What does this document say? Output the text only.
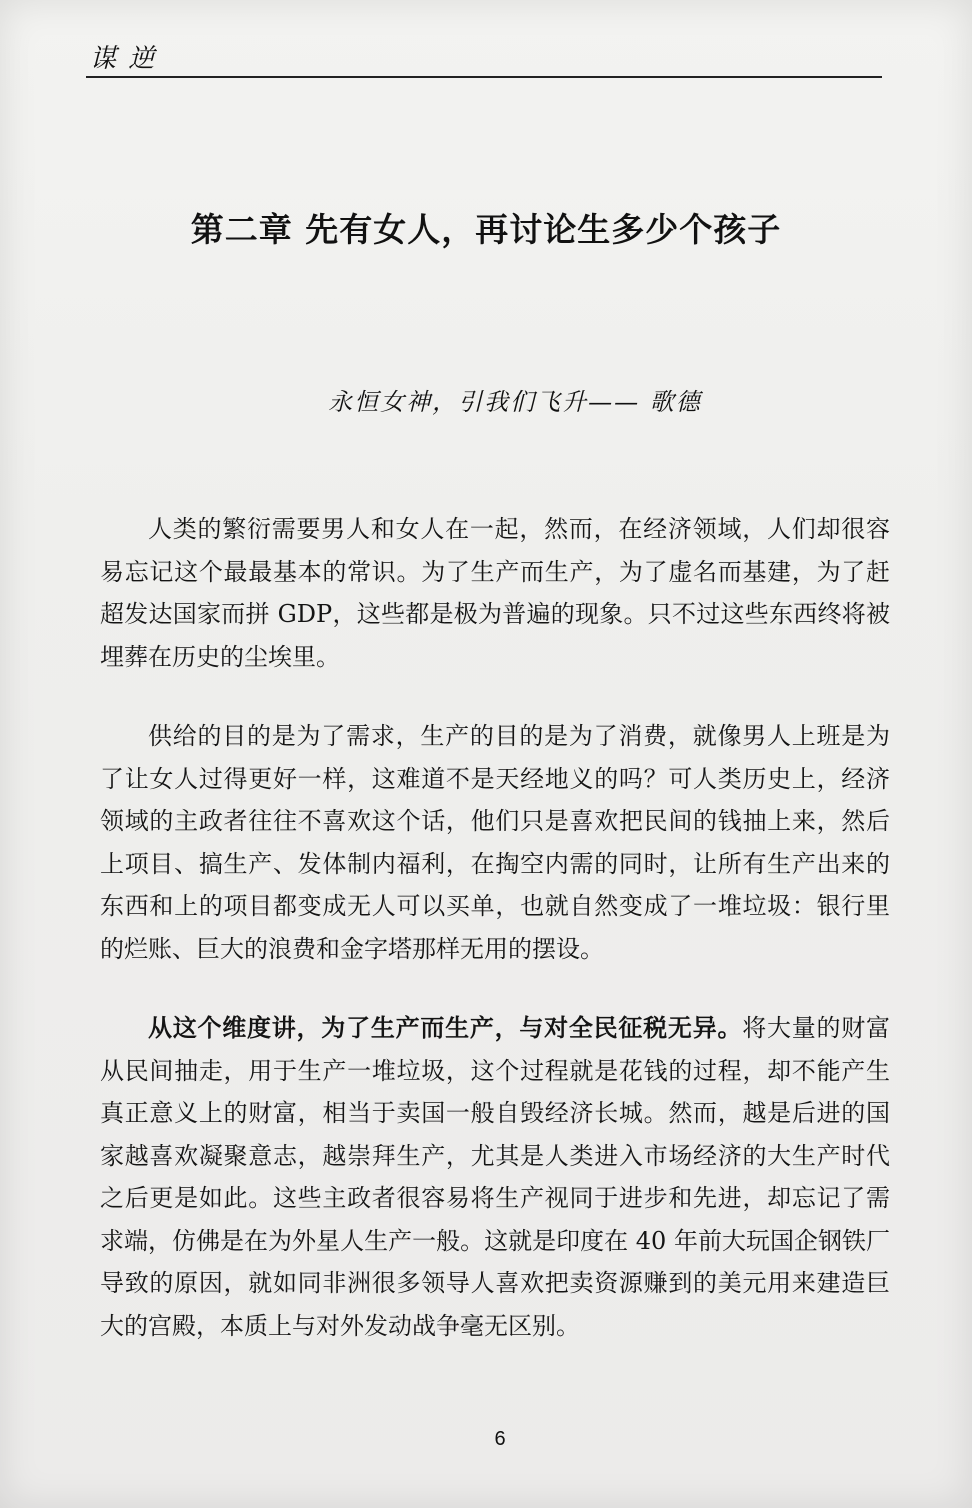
谋 逆
第二章 先有女人，再讨论生多少个孩子
永恒女神，引我们飞升—— 歌德

人类的繁衍需要男人和女人在一起，然而，在经济领域，人们却很容易忘记这个最最基本的常识。为了生产而生产，为了虚名而基建，为了赶超发达国家而拼 GDP，这些都是极为普遍的现象。只不过这些东西终将被埋葬在历史的尘埃里。

供给的目的是为了需求，生产的目的是为了消费，就像男人上班是为了让女人过得更好一样，这难道不是天经地义的吗？可人类历史上，经济领域的主政者往往不喜欢这个话，他们只是喜欢把民间的钱抽上来，然后上项目、搞生产、发体制内福利，在掏空内需的同时，让所有生产出来的东西和上的项目都变成无人可以买单，也就自然变成了一堆垃圾：银行里的烂账、巨大的浪费和金字塔那样无用的摆设。

从这个维度讲，为了生产而生产，与对全民征税无异。将大量的财富从民间抽走，用于生产一堆垃圾，这个过程就是花钱的过程，却不能产生真正意义上的财富，相当于卖国一般自毁经济长城。然而，越是后进的国家越喜欢凝聚意志，越崇拜生产，尤其是人类进入市场经济的大生产时代之后更是如此。这些主政者很容易将生产视同于进步和先进，却忘记了需求端，仿佛是在为外星人生产一般。这就是印度在 40 年前大玩国企钢铁厂导致的原因，就如同非洲很多领导人喜欢把卖资源赚到的美元用来建造巨大的宫殿，本质上与对外发动战争毫无区别。

6
